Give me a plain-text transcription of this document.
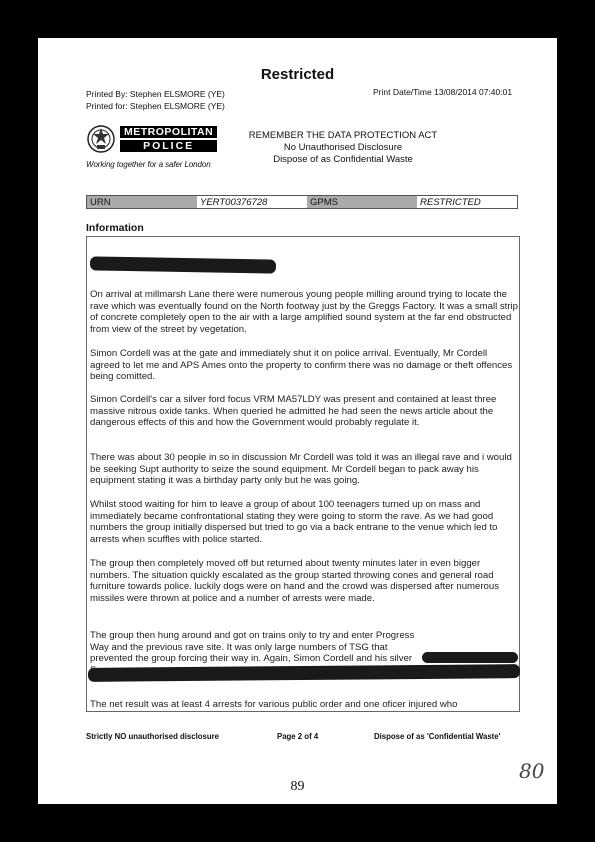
Restricted
Printed By: Stephen ELSMORE (YE)
Printed for: Stephen ELSMORE (YE)
Print Date/Time 13/08/2014 07:40:01
METROPOLITAN
POLICE
Working together for a safer London
REMEMBER THE DATA PROTECTION ACT
No Unauthorised Disclosure
Dispose of as Confidential Waste
URN	YERT00376728	GPMS	RESTRICTED
Information
On arrival at millmarsh Lane there were numerous young people milling around trying to locate the rave which was eventually found on the North footway just by the Greggs Factory. It was a small strip of concrete completely open to the air with a large amplified sound system at the far end obstructed from view of the street by vegetation.
Simon Cordell was at the gate and immediately shut it on police arrival. Eventually, Mr Cordell agreed to let me and APS Ames onto the property to confirm there was no damage or theft offences being comitted.
Simon Cordell's car a silver ford focus VRM MA57LDY was present and contained at least three massive nitrous oxide tanks. When queried he admitted he had seen the news article about the dangerous effects of this and how the Government would probably regulate it.
There was about 30 people in so in discussion Mr Cordell was told it was an illegal rave and i would be seeking Supt authority to seize the sound equipment. Mr Cordell began to pack away his equipment stating it was a birthday party only but he was going.
Whilst stood waiting for him to leave a group of about 100 teenagers turned up on mass and immediately became confrontational stating they were going to storm the rave. As we had good numbers the group initially dispersed but tried to go via a back entrane to the venue which led to arrests when scuffles with police started.
The group then completely moved off but returned about twenty minutes later in even bigger numbers. The situation quickly escalated as the group started throwing cones and general road furniture towards police. luckily dogs were on hand and the crowd was dispersed after numerous missiles were thrown at police and a number of arrests were made.
The group then hung around and got on trains only to try and enter Progress Way and the previous rave site. It was only large numbers of TSG that prevented the group forcing their way in. Again, Simon Cordell and his silver
The net result was at least 4 arrests for various public order and one oficer injured who
Strictly NO unauthorised disclosure	Page 2 of 4	Dispose of as 'Confidential Waste'
89
80
